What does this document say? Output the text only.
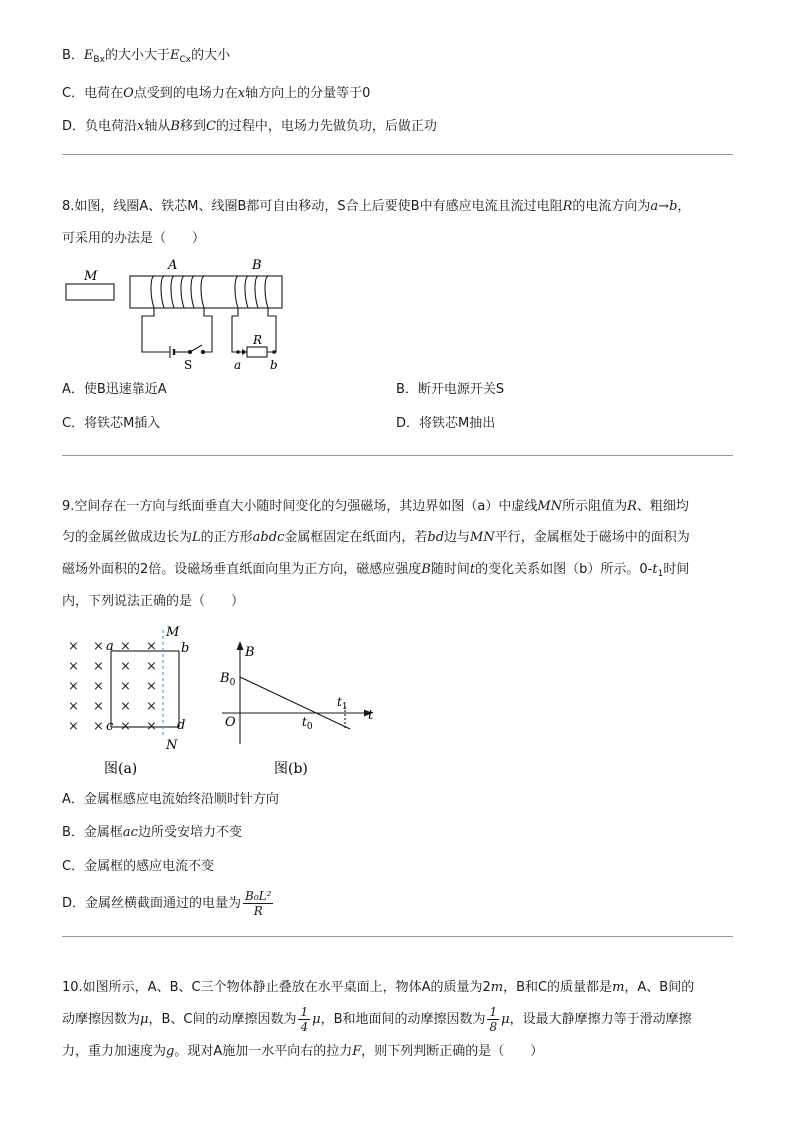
B．$E_{Bx}$的大小大于$E_{Cx}$的大小
C．电荷在O点受到的电场力在x轴方向上的分量等于0
D．负电荷沿x轴从B移到C的过程中，电场力先做负功，后做正功
8.如图，线圈A、铁芯M、线圈B都可自由移动，S合上后要使B中有感应电流且流过电阻R的电流方向为a→b，
可采用的办法是（　　）
M
A	B
R
S	a b
A．使B迅速靠近A	B．断开电源开关S
C．将铁芯M插入	D．将铁芯M抽出
9.空间存在一方向与纸面垂直大小随时间变化的匀强磁场，其边界如图（a）中虚线MN所示阻值为R、粗细均
匀的金属丝做成边长为L的正方形abdc金属框固定在纸面内，若bd边与MN平行，金属框处于磁场中的面积为
磁场外面积的2倍。设磁场垂直纸面向里为正方向，磁感应强度B随时间t的变化关系如图（b）所示。$0-t_1$时间
内，下列说法正确的是（　　）
×
×
×
×
×
×
×
×
×
×
×
×
×
×
×
×
×
×
×
×
a	b
c	d
M
N
图(a)
B
$B_0$
O	t
$t_0$
$t_1$
图(b)
A．金属框感应电流始终沿顺时针方向
B．金属框ac边所受安培力不变
C．金属框的感应电流不变
D．金属丝横截面通过的电量为 $\frac{\text{B₀L²}}{R}$
10.如图所示，A、B、C三个物体静止叠放在水平桌面上，物体A的质量为2m，B和C的质量都是m，A、B间的
动摩擦因数为μ，B、C间的动摩擦因数为 $\frac{1}{4}$ μ，B和地面间的动摩擦因数为 $\frac{1}{8}$ μ，设最大静摩擦力等于滑动摩擦
力，重力加速度为g。现对A施加一水平向右的拉力F，则下列判断正确的是（　　）
